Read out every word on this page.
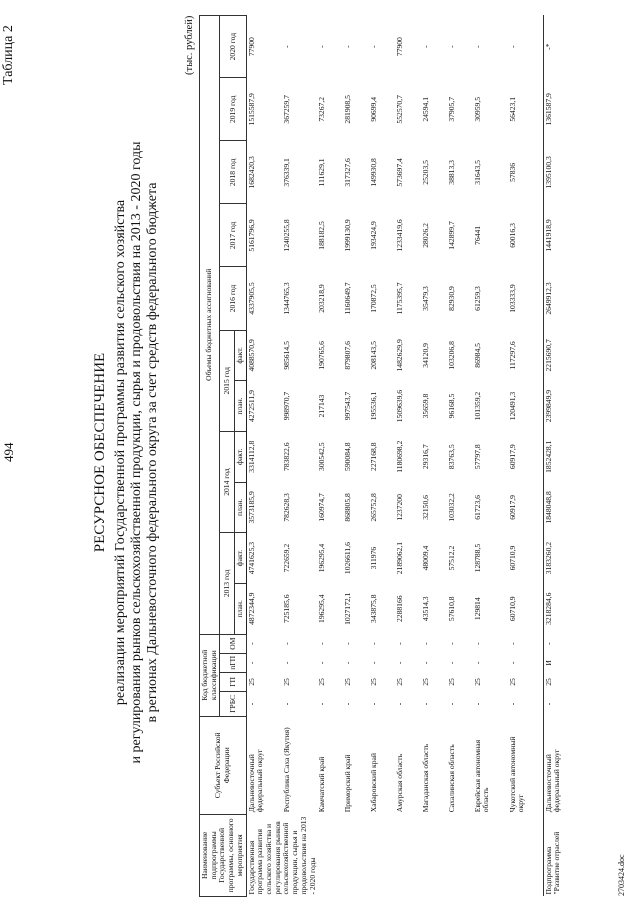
494
Таблица 2
РЕСУРСНОЕ ОБЕСПЕЧЕНИЕ реализации мероприятий Государственной программы развития сельского хозяйства и регулирования рынков сельскохозяйственной продукции, сырья и продовольствия на 2013 - 2020 годы в регионах Дальневосточного федерального округа за счет средств федерального бюджета
(тыс. рублей)
Наименование подпрограммы Государственной программы, основного мероприятия	Субъект Российской Федерации	Код бюджетной классификации				Объемы бюджетных ассигнований										
		ГРБС	ГП	пГП	ОМ	2013 год		2014 год		2015 год		2016 год	2017 год	2018 год	2019 год	2020 год
						план.	факт.	план.	факт.	план.	факт.					
Государственная программа развития сельского хозяйства и регулирования рынков сельскохозяйственной продукции, сырья и продовольствия на 2013 - 2020 годы	Дальневосточный федеральный округ	-	25	-	-	4872344,9	4741625,3	3573185,9	3314112,8	4272511,9	4088570,9	4337905,5	5161796,9	1682420,3	1515587,9	77900
	Республика Саха (Якутия)	-	25	-	-	725185,6	722659,2	782628,3	783822,6	998970,7	985614,5	1344765,3	1240255,8	376339,1	367259,7	-
	Камчатский край	-	25	-	-	196295,4	196295,4	160974,7	300542,5	217143	190765,6	203218,9	188182,5	111629,1	73267,2	-
	Приморский край	-	25	-	-	1027172,1	1026611,6	868805,8	590084,8	997543,7	879807,6	1160649,7	1999130,9	317327,6	281908,5	-
	Хабаровский край	-	25	-	-	343875,8	311976	265752,8	227168,8	195536,1	208143,5	170872,5	193424,9	149930,8	90699,4	-
	Амурская область	-	25	-	-	2288166	2189062,1	1237200	1180698,2	1509639,6	1482629,9	1175395,7	1233419,6	573697,4	552570,7	77900
	Магаданская область	-	25	-	-	43514,3	48009,4	32150,6	29316,7	35659,8	34120,9	35479,3	28026,2	25203,5	24594,1	-
	Сахалинская область	-	25	-	-	57610,8	57512,2	103032,2	83763,5	96168,5	103206,8	82930,9	142899,7	38813,3	37905,7	-
	Еврейская автономная область	-	25	-	-	129814	128788,5	61723,6	57797,8	101359,2	86984,5	61259,3	76441	31643,5	30959,5	-
	Чукотский автономный округ	-	25	-	-	60710,9	60710,9	60917,9	60917,9	120491,3	117297,6	103333,9	60016,3	57836	56423,1	-
Подпрограмма "Развитие отраслей	Дальневосточный федеральный округ	-	25	И	-	3218284,6	3183260,2	1848048,8	1852428,1	2399849,9	2215690,7	2649912,3	1441918,9	1395100,3	1361587,9	-*
2703424.doc
